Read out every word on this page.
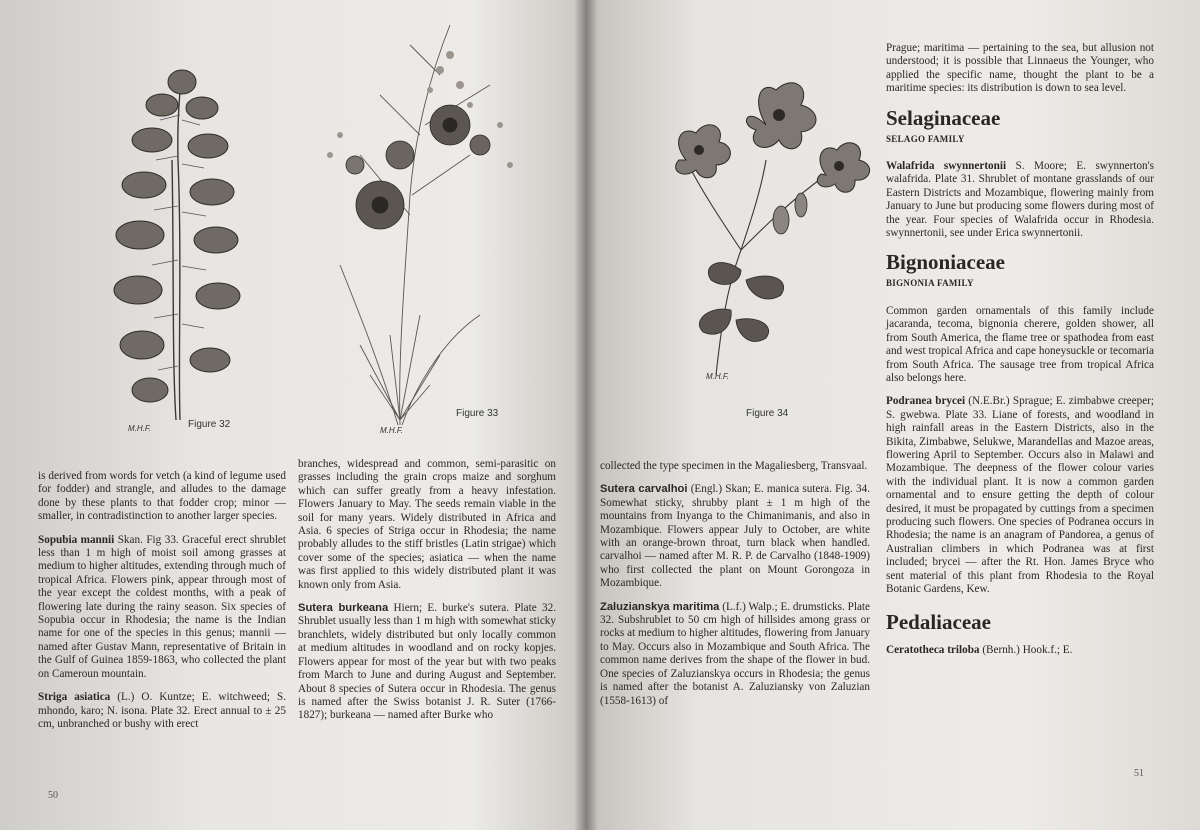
Figure 32
M.H.F.
Figure 33
M.H.F.

is derived from words for vetch (a kind of legume used for fodder) and strangle, and alludes to the damage done by these plants to that fodder crop; minor — smaller, in contradistinction to another larger species.

Sopubia mannii Skan. Fig 33. Graceful erect shrublet less than 1 m high of moist soil among grasses at medium to higher altitudes, extending through much of tropical Africa. Flowers pink, appear through most of the year except the coldest months, with a peak of flowering late during the rainy season. Six species of Sopubia occur in Rhodesia; the name is the Indian name for one of the species in this genus; mannii — named after Gustav Mann, representative of Britain in the Gulf of Guinea 1859-1863, who collected the plant on Cameroun mountain.

Striga asiatica (L.) O. Kuntze; E. witchweed; S. mhondo, karo; N. isona. Plate 32. Erect annual to ± 25 cm, unbranched or bushy with erect

branches, widespread and common, semi-parasitic on grasses including the grain crops maize and sorghum which can suffer greatly from a heavy infestation. Flowers January to May. The seeds remain viable in the soil for many years. Widely distributed in Africa and Asia. 6 species of Striga occur in Rhodesia; the name probably alludes to the stiff bristles (Latin strigae) which cover some of the species; asiatica — when the name was first applied to this widely distributed plant it was known only from Asia.

Sutera burkeana Hiern; E. burke's sutera. Plate 32. Shrublet usually less than 1 m high with somewhat sticky branchlets, widely distributed but only locally common at medium altitudes in woodland and on rocky kopjes. Flowers appear for most of the year but with two peaks from March to June and during August and September. About 8 species of Sutera occur in Rhodesia. The genus is named after the Swiss botanist J. R. Suter (1766-1827); burkeana — named after Burke who

50
Figure 34
M.H.F.

collected the type specimen in the Magaliesberg, Transvaal.

Sutera carvalhoi (Engl.) Skan; E. manica sutera. Fig. 34. Somewhat sticky, shrubby plant ± 1 m high of the mountains from Inyanga to the Chimanimanis, and also in Mozambique. Flowers appear July to October, are white with an orange-brown throat, turn black when handled. carvalhoi — named after M. R. P. de Carvalho (1848-1909) who first collected the plant on Mount Gorongoza in Mozambique.

Zaluzianskya maritima (L.f.) Walp.; E. drumsticks. Plate 32. Subshrublet to 50 cm high of hillsides among grass or rocks at medium to higher altitudes, flowering from January to May. Occurs also in Mozambique and South Africa. The common name derives from the shape of the flower in bud. One species of Zaluzianskya occurs in Rhodesia; the genus is named after the botanist A. Zaluziansky von Zaluzian (1558-1613) of

Prague; maritima — pertaining to the sea, but allusion not understood; it is possible that Linnaeus the Younger, who applied the specific name, thought the plant to be a maritime species: its distribution is down to sea level.

Selaginaceae
SELAGO FAMILY

Walafrida swynnertonii S. Moore; E. swynnerton's walafrida. Plate 31. Shrublet of montane grasslands of our Eastern Districts and Mozambique, flowering mainly from January to June but producing some flowers during most of the year. Four species of Walafrida occur in Rhodesia. swynnertonii, see under Erica swynnertonii.

Bignoniaceae
BIGNONIA FAMILY

Common garden ornamentals of this family include jacaranda, tecoma, bignonia cherere, golden shower, all from South America, the flame tree or spathodea from east and west tropical Africa and cape honeysuckle or tecomaria from South Africa. The sausage tree from tropical Africa also belongs here.

Podranea brycei (N.E.Br.) Sprague; E. zimbabwe creeper; S. gwebwa. Plate 33. Liane of forests, and woodland in high rainfall areas in the Eastern Districts, also in the Bikita, Zimbabwe, Selukwe, Marandellas and Mazoe areas, flowering April to September. Occurs also in Malawi and Mozambique. The deepness of the flower colour varies with the individual plant. It is now a common garden ornamental and to ensure getting the depth of colour desired, it must be propagated by cuttings from a specimen producing such flowers. One species of Podranea occurs in Rhodesia; the name is an anagram of Pandorea, a genus of Australian climbers in which Podranea was at first included; brycei — after the Rt. Hon. James Bryce who sent material of this plant from Rhodesia to the Royal Botanic Gardens, Kew.

Pedaliaceae

Ceratotheca triloba (Bernh.) Hook.f.; E.

51
